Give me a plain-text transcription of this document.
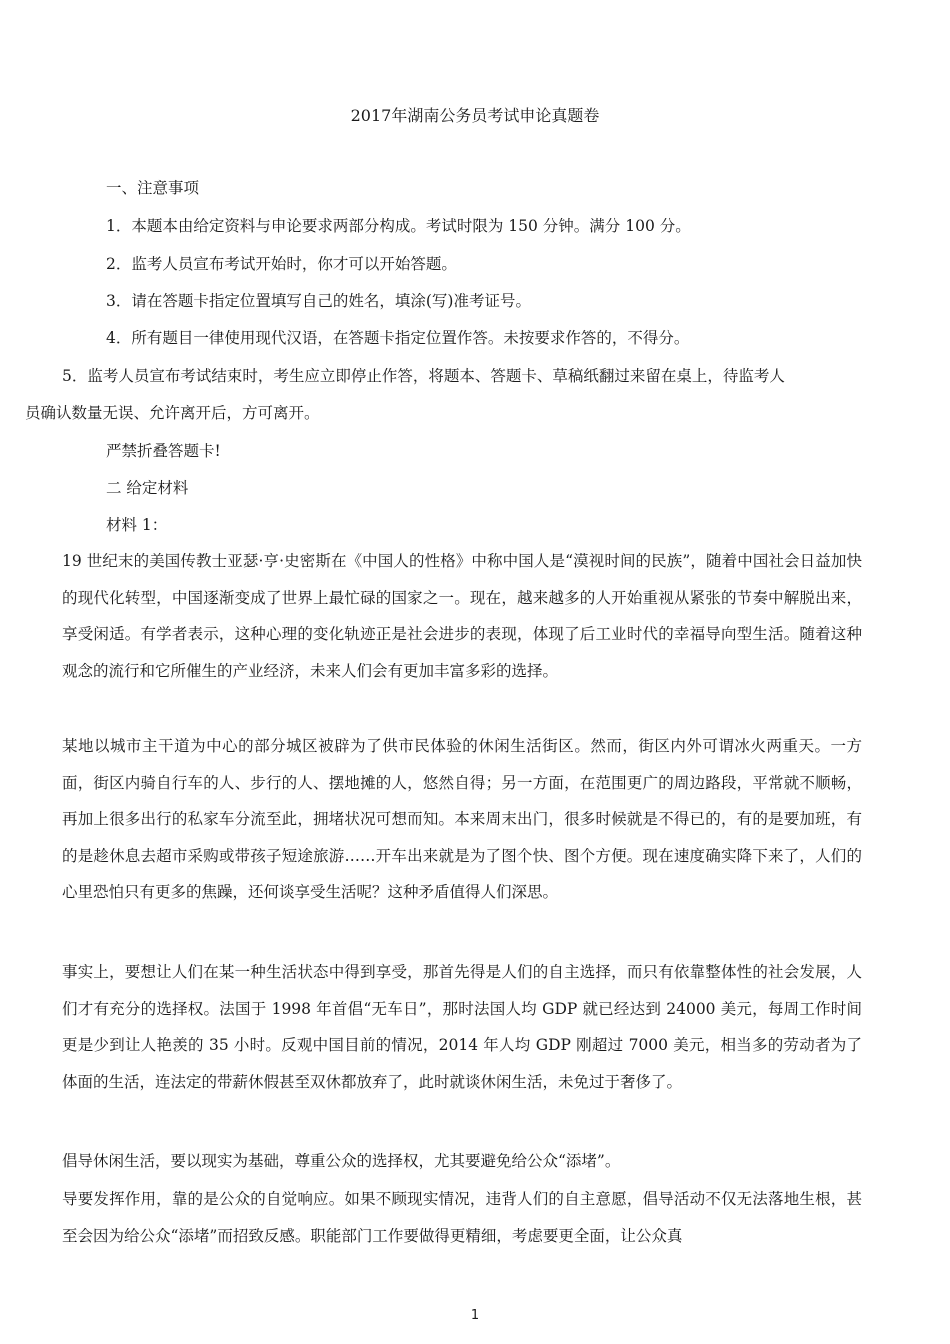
2017年湖南公务员考试申论真题卷
一、注意事项
1．本题本由给定资料与申论要求两部分构成。考试时限为 150 分钟。满分 100 分。
2．监考人员宣布考试开始时，你才可以开始答题。
3．请在答题卡指定位置填写自己的姓名，填涂(写)准考证号。
4．所有题目一律使用现代汉语，在答题卡指定位置作答。未按要求作答的，不得分。
5．监考人员宣布考试结束时，考生应立即停止作答，将题本、答题卡、草稿纸翻过来留在桌上，待监考人
员确认数量无误、允许离开后，方可离开。
严禁折叠答题卡!
二 给定材料
材料 1：
19 世纪末的美国传教士亚瑟·亨·史密斯在《中国人的性格》中称中国人是“漠视时间的民族”，随着中国社会日益加快的现代化转型，中国逐渐变成了世界上最忙碌的国家之一。现在，越来越多的人开始重视从紧张的节奏中解脱出来，享受闲适。有学者表示，这种心理的变化轨迹正是社会进步的表现，体现了后工业时代的幸福导向型生活。随着这种观念的流行和它所催生的产业经济，未来人们会有更加丰富多彩的选择。
某地以城市主干道为中心的部分城区被辟为了供市民体验的休闲生活街区。然而，街区内外可谓冰火两重天。一方面，街区内骑自行车的人、步行的人、摆地摊的人，悠然自得；另一方面，在范围更广的周边路段，平常就不顺畅，再加上很多出行的私家车分流至此，拥堵状况可想而知。本来周末出门，很多时候就是不得已的，有的是要加班，有的是趁休息去超市采购或带孩子短途旅游……开车出来就是为了图个快、图个方便。现在速度确实降下来了，人们的心里恐怕只有更多的焦躁，还何谈享受生活呢？这种矛盾值得人们深思。
事实上，要想让人们在某一种生活状态中得到享受，那首先得是人们的自主选择，而只有依靠整体性的社会发展，人们才有充分的选择权。法国于 1998 年首倡“无车日”，那时法国人均 GDP 就已经达到 24000 美元，每周工作时间更是少到让人艳羡的 35 小时。反观中国目前的情况，2014 年人均 GDP 刚超过 7000 美元，相当多的劳动者为了体面的生活，连法定的带薪休假甚至双休都放弃了，此时就谈休闲生活，未免过于奢侈了。
倡导休闲生活，要以现实为基础，尊重公众的选择权，尤其要避免给公众“添堵”。
导要发挥作用，靠的是公众的自觉响应。如果不顾现实情况，违背人们的自主意愿，倡导活动不仅无法落地生根，甚至会因为给公众“添堵”而招致反感。职能部门工作要做得更精细，考虑要更全面，让公众真
1
